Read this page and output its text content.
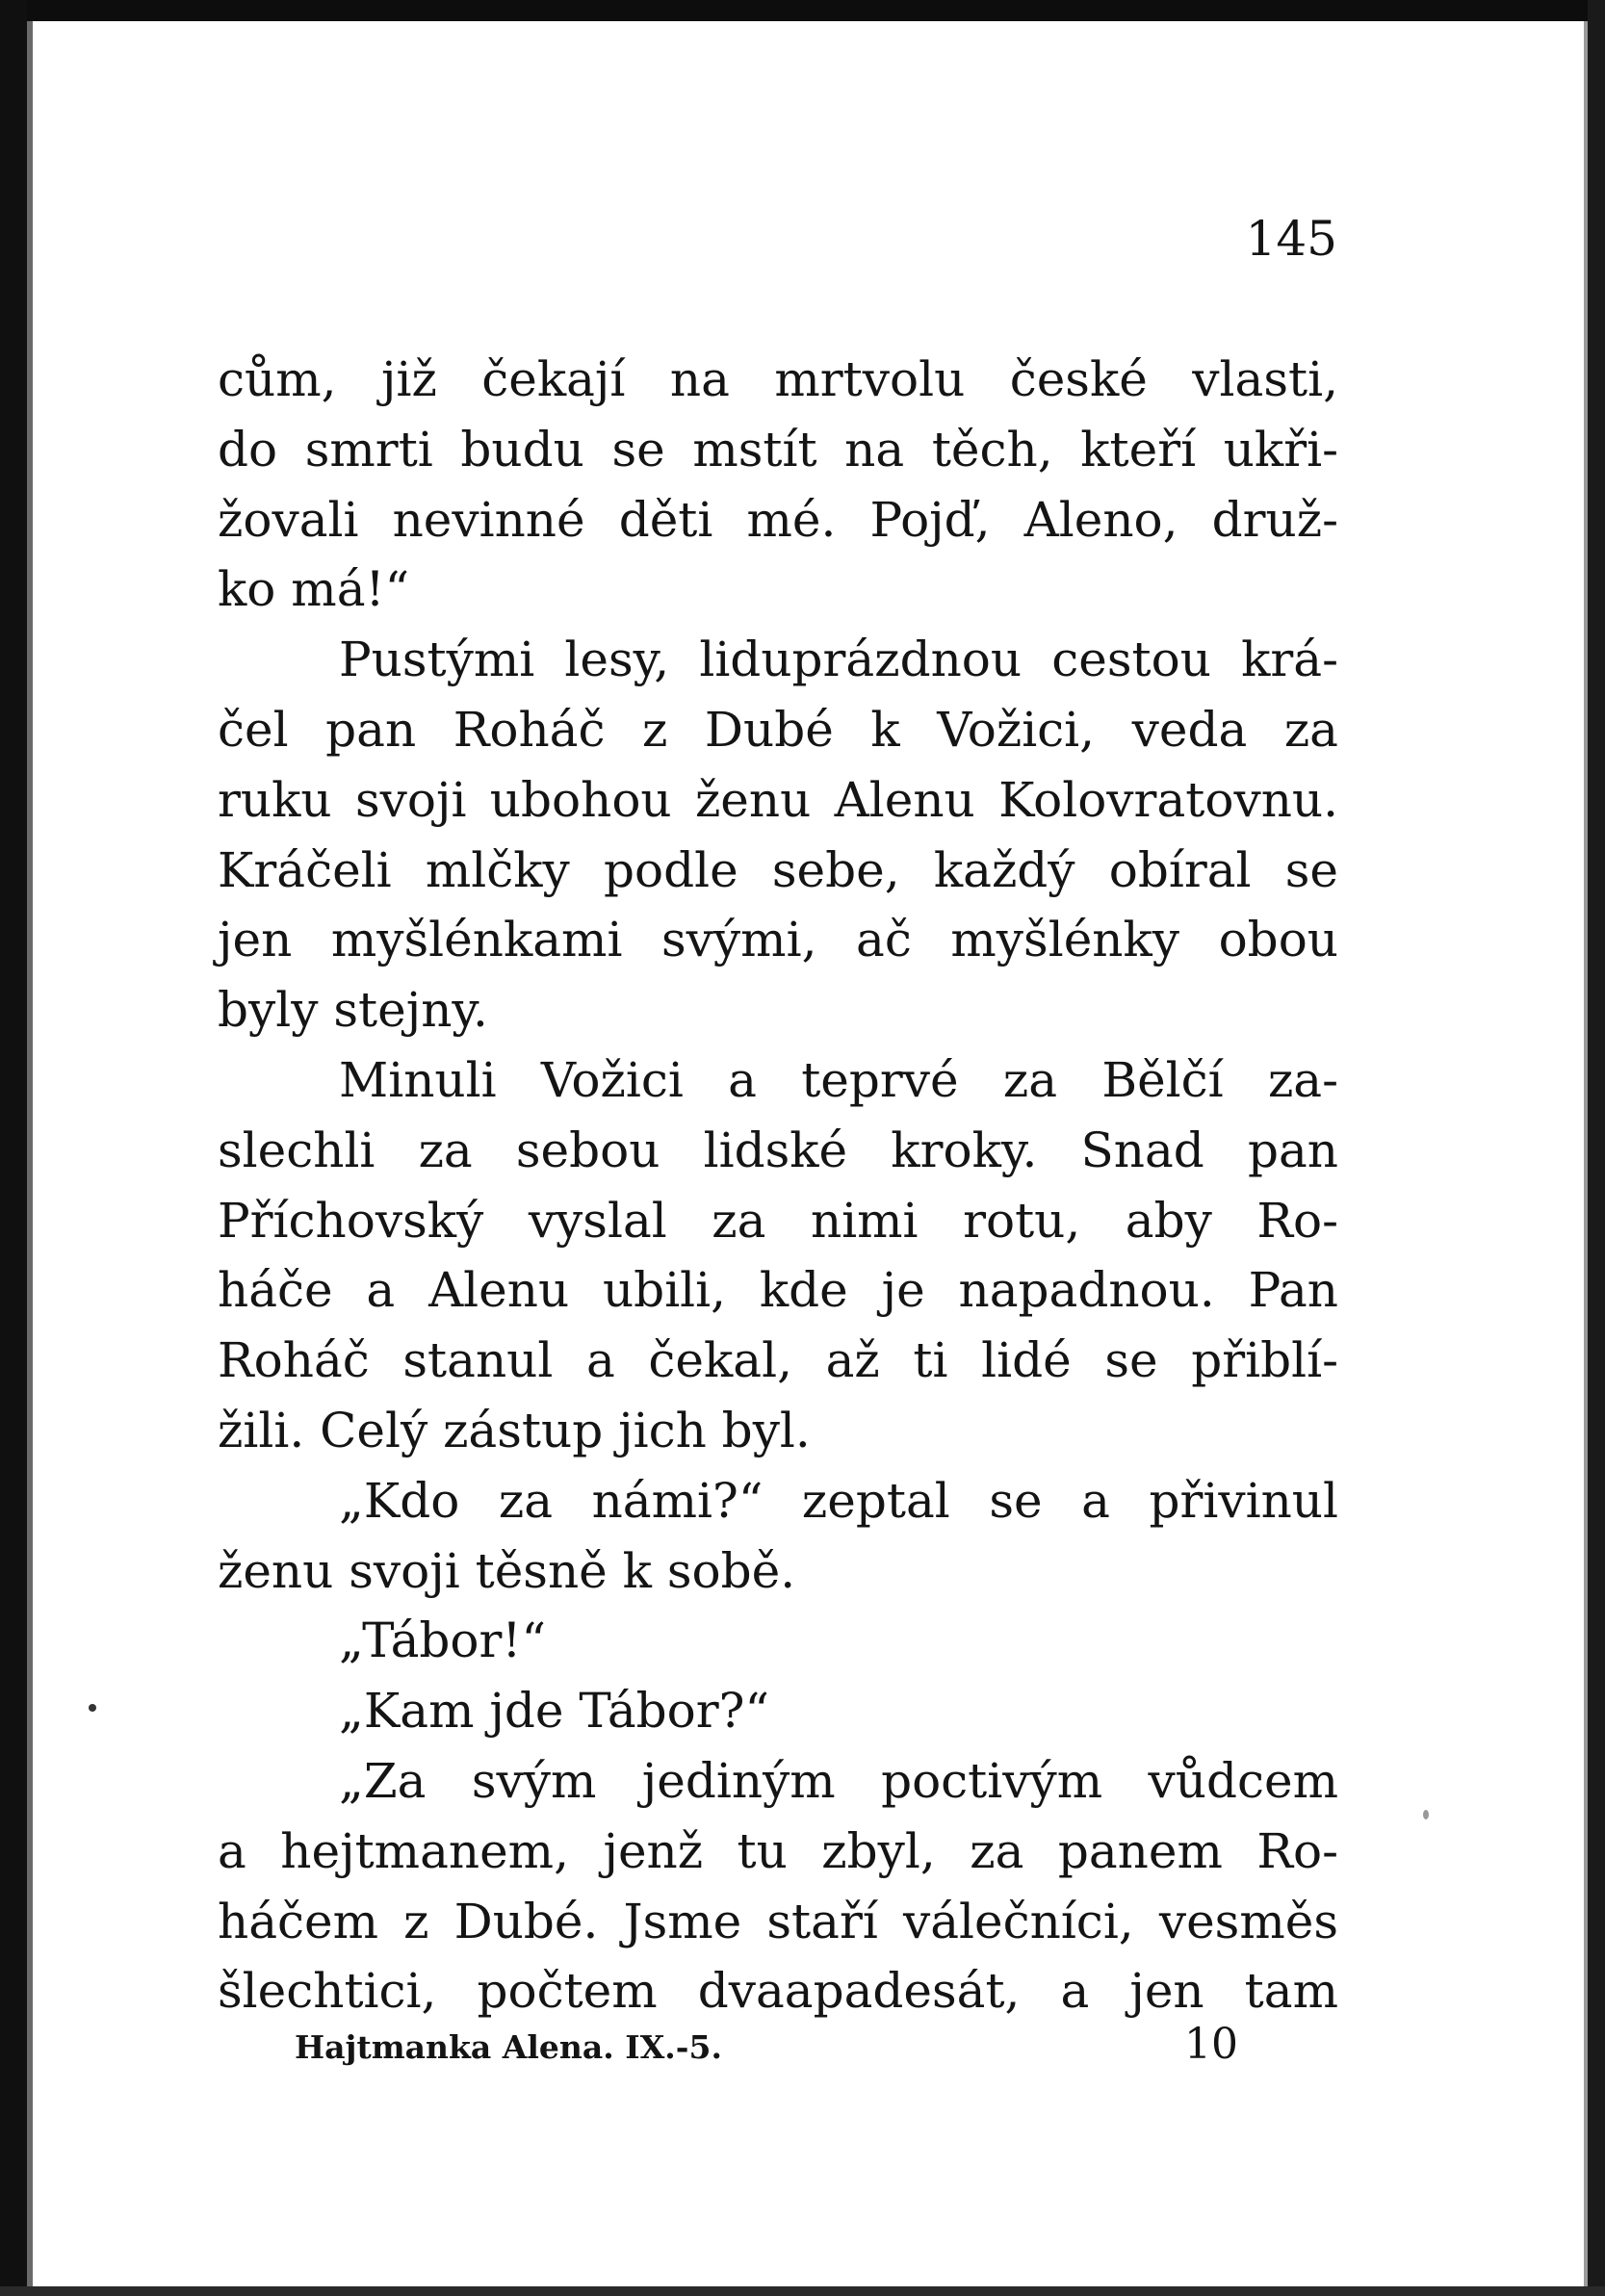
145
cům, již čekají na mrtvolu české vlasti,
do smrti budu se mstít na těch, kteří ukři-
žovali nevinné děti mé. Pojď, Aleno, druž-
ko má!“
Pustými lesy, liduprázdnou cestou krá-
čel pan Roháč z Dubé k Vožici, veda za
ruku svoji ubohou ženu Alenu Kolovratovnu.
Kráčeli mlčky podle sebe, každý obíral se
jen myšlénkami svými, ač myšlénky obou
byly stejny.
Minuli Vožici a teprvé za Bělčí za-
slechli za sebou lidské kroky. Snad pan
Příchovský vyslal za nimi rotu, aby Ro-
háče a Alenu ubili, kde je napadnou. Pan
Roháč stanul a čekal, až ti lidé se přiblí-
žili. Celý zástup jich byl.
„Kdo za námi?“ zeptal se a přivinul
ženu svoji těsně k sobě.
„Tábor!“
„Kam jde Tábor?“
„Za svým jediným poctivým vůdcem
a hejtmanem, jenž tu zbyl, za panem Ro-
háčem z Dubé. Jsme staří válečníci, vesměs
šlechtici, počtem dvaapadesát, a jen tam
Hajtmanka Alena. IX.-5.	10
